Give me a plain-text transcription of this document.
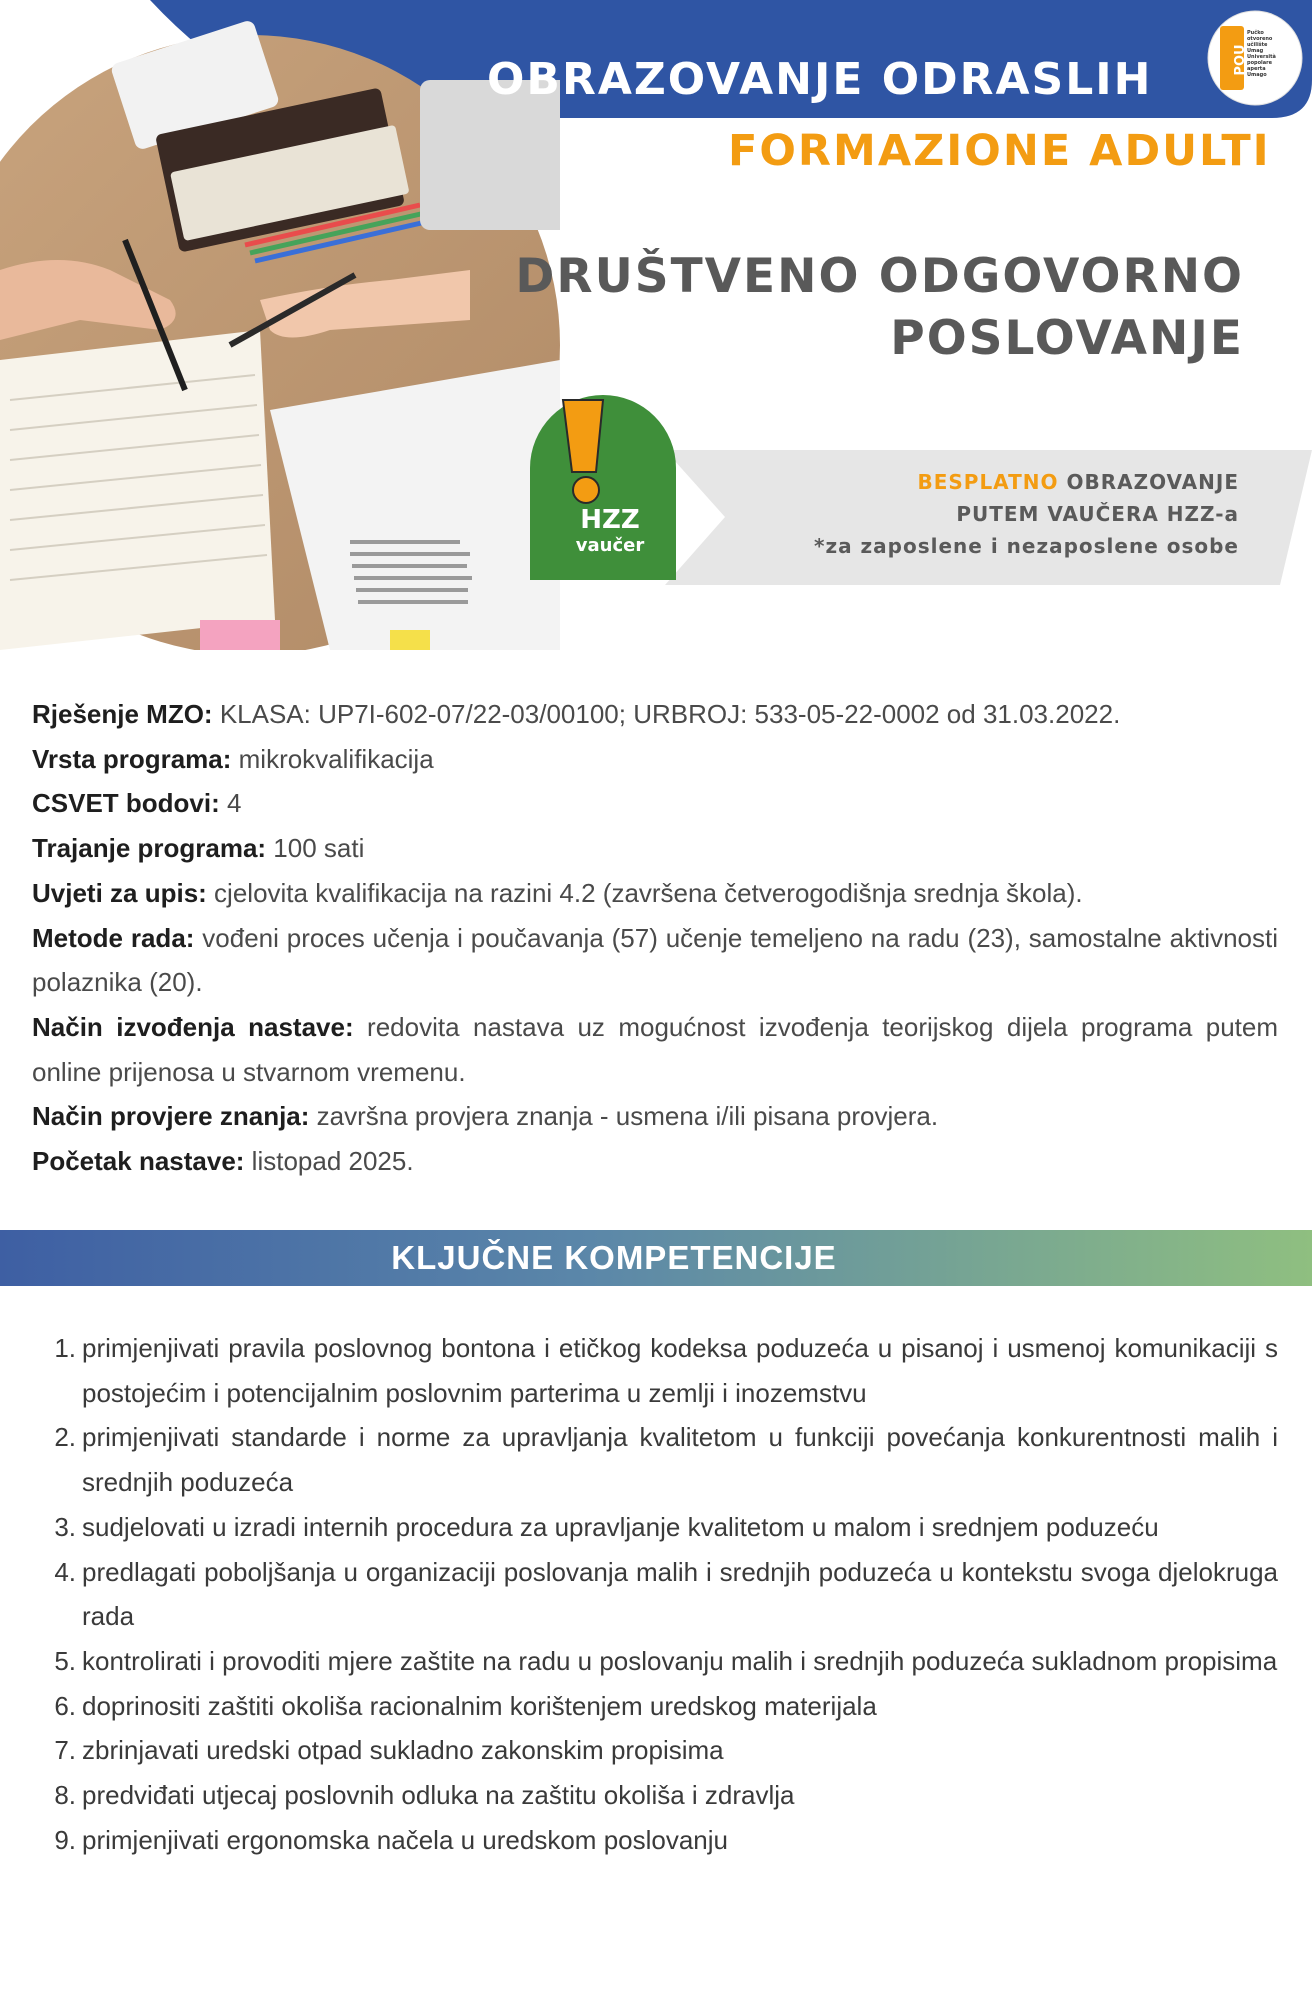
POU
OBRAZOVANJE ODRASLIH
FORMAZIONE ADULTI
DRUŠTVENO ODGOVORNO
POSLOVANJE
BESPLATNO OBRAZOVANJE
PUTEM VAUČERA HZZ-a
*za zaposlene i nezaposlene osobe
HZZ
vaučer
Pučko
otvoreno
učilište
Umag
Università
popolare
aperta
Umago

Rješenje MZO: KLASA: UP7I-602-07/22-03/00100; URBROJ: 533-05-22-0002 od 31.03.2022.

Vrsta programa: mikrokvalifikacija

CSVET bodovi: 4

Trajanje programa: 100 sati

Uvjeti za upis: cjelovita kvalifikacija na razini 4.2 (završena četverogodišnja srednja škola).

Metode rada: vođeni proces učenja i poučavanja (57) učenje temeljeno na radu (23), samostalne aktivnosti polaznika (20).

Način izvođenja nastave: redovita nastava uz mogućnost izvođenja teorijskog dijela programa putem online prijenosa u stvarnom vremenu.

Način provjere znanja: završna provjera znanja - usmena i/ili pisana provjera.

Početak nastave: listopad 2025.

KLJUČNE KOMPETENCIJE
1. primjenjivati pravila poslovnog bontona i etičkog kodeksa poduzeća u pisanoj i usmenoj komunikaciji s postojećim i potencijalnim poslovnim parterima u zemlji i inozemstvu
2. primjenjivati standarde i norme za upravljanja kvalitetom u funkciji povećanja konkurentnosti malih i srednjih poduzeća
3. sudjelovati u izradi internih procedura za upravljanje kvalitetom u malom i srednjem poduzeću
4. predlagati poboljšanja u organizaciji poslovanja malih i srednjih poduzeća u kontekstu svoga djelokruga rada
5. kontrolirati i provoditi mjere zaštite na radu u poslovanju malih i srednjih poduzeća sukladnom propisima
6. doprinositi zaštiti okoliša racionalnim korištenjem uredskog materijala
7. zbrinjavati uredski otpad sukladno zakonskim propisima
8. predviđati utjecaj poslovnih odluka na zaštitu okoliša i zdravlja
9. primjenjivati ergonomska načela u uredskom poslovanju
